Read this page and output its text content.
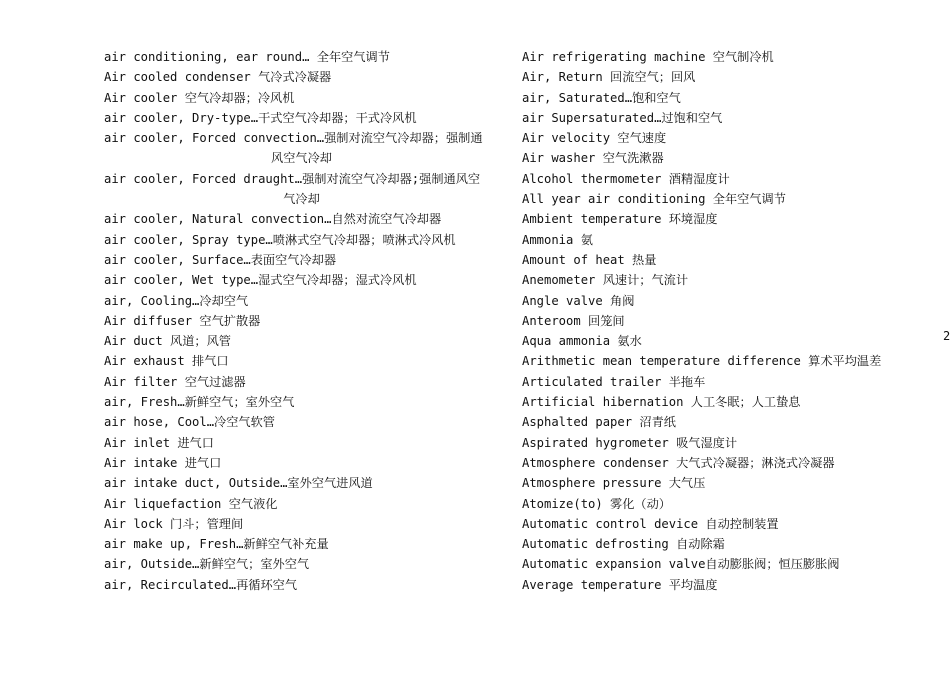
air conditioning, ear round… 全年空气调节
Air cooled condenser 气冷式冷凝器
Air cooler 空气冷却器；冷风机
air cooler, Dry-type…干式空气冷却器；干式冷风机
air cooler, Forced convection…强制对流空气冷却器；强制通
风空气冷却
air cooler, Forced draught…强制对流空气冷却器;强制通风空
气冷却
air cooler, Natural convection…自然对流空气冷却器
air cooler, Spray type…喷淋式空气冷却器；喷淋式冷风机
air cooler, Surface…表面空气冷却器
air cooler, Wet type…湿式空气冷却器；湿式冷风机
air, Cooling…冷却空气
Air diffuser 空气扩散器
Air duct 风道；风管
Air exhaust 排气口
Air filter 空气过滤器
air, Fresh…新鲜空气；室外空气
air hose, Cool…冷空气软管
Air inlet 进气口
Air intake 进气口
air intake duct, Outside…室外空气进风道
Air liquefaction 空气液化
Air lock 门斗；管理间
air make up, Fresh…新鲜空气补充量
air, Outside…新鲜空气；室外空气
air, Recirculated…再循环空气
Air refrigerating machine 空气制冷机
Air, Return 回流空气；回风
air, Saturated…饱和空气
air Supersaturated…过饱和空气
Air velocity 空气速度
Air washer 空气洗漱器
Alcohol thermometer 酒精湿度计
All year air conditioning 全年空气调节
Ambient temperature 环境湿度
Ammonia 氨
Amount of heat 热量
Anemometer 风速计；气流计
Angle valve 角阀
Anteroom 回笼间
Aqua ammonia 氨水
Arithmetic mean temperature difference 算术平均温差
Articulated trailer 半拖车
Artificial hibernation 人工冬眠；人工蛰息
Asphalted paper 沼青纸
Aspirated hygrometer 吸气湿度计
Atmosphere condenser 大气式冷凝器；淋浇式冷凝器
Atmosphere pressure 大气压
Atomize(to) 雾化（动）
Automatic control device 自动控制装置
Automatic defrosting 自动除霜
Automatic expansion valve自动膨胀阀；恒压膨胀阀
Average temperature 平均温度
2
